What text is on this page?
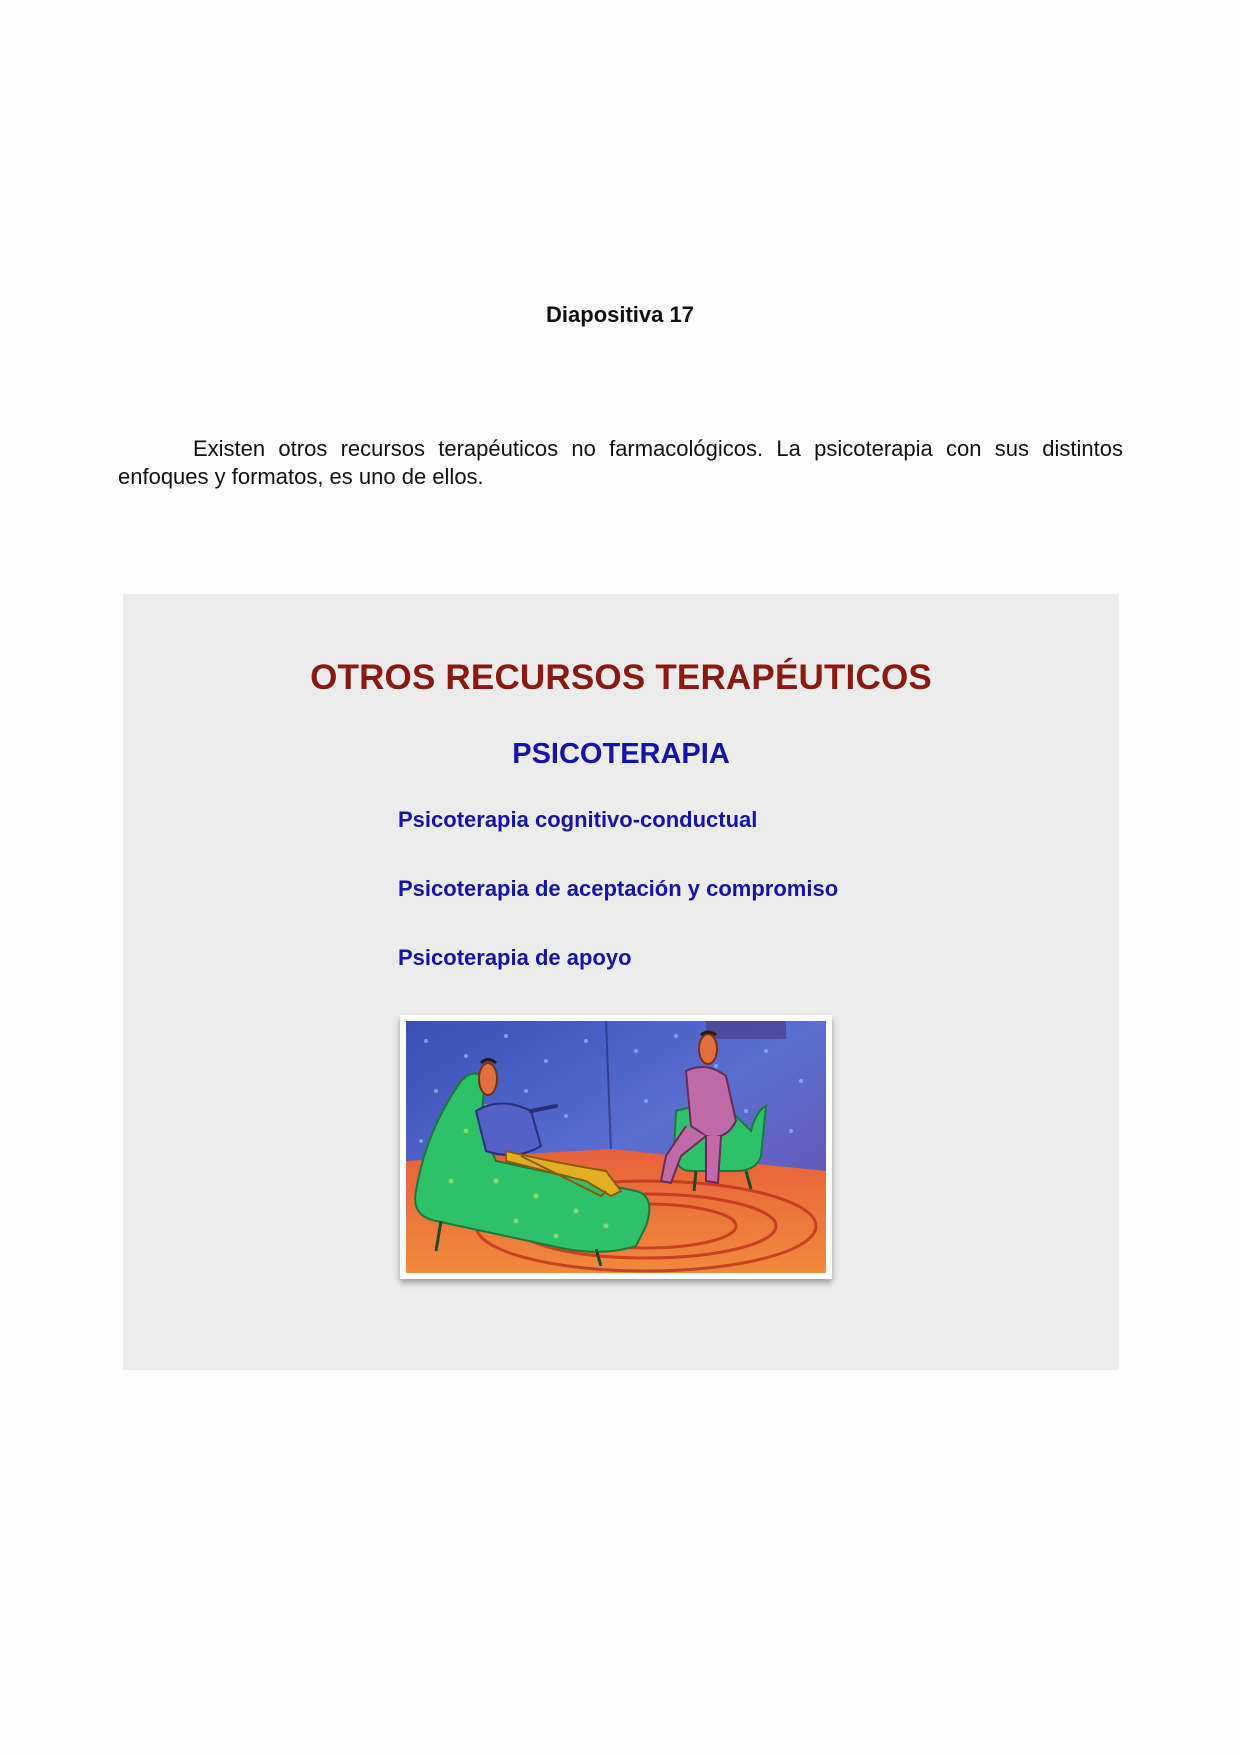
Diapositiva 17

Existen otros recursos terapéuticos no farmacológicos. La psicoterapia con sus distintos enfoques y formatos, es uno de ellos.

OTROS RECURSOS TERAPÉUTICOS
PSICOTERAPIA
Psicoterapia cognitivo-conductual
Psicoterapia de aceptación y compromiso
Psicoterapia de apoyo
